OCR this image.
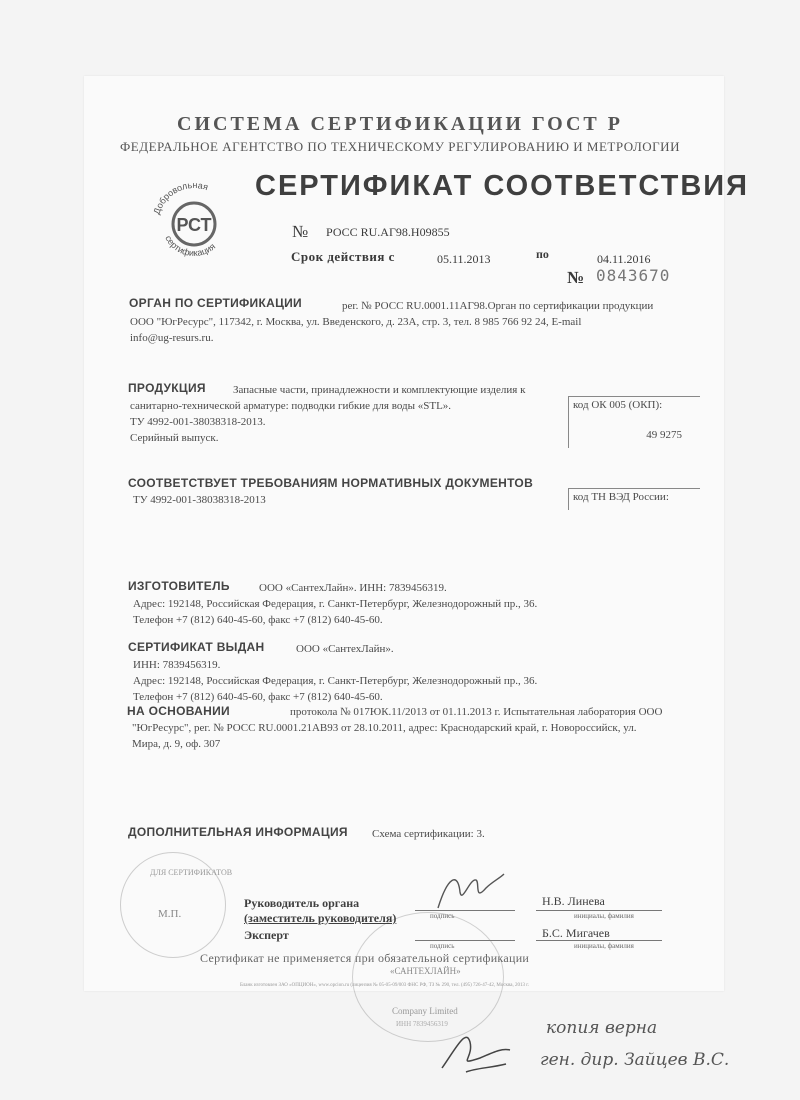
СИСТЕМА СЕРТИФИКАЦИИ ГОСТ Р
ФЕДЕРАЛЬНОЕ АГЕНТСТВО ПО ТЕХНИЧЕСКОМУ РЕГУЛИРОВАНИЮ И МЕТРОЛОГИИ
Добровольная
сертификация
РСТ
СЕРТИФИКАТ СООТВЕТСТВИЯ
№ РОСС RU.АГ98.Н09855
Срок действия с	05.11.2013	по	04.11.2016
№ 0843670
ОРГАН ПО СЕРТИФИКАЦИИ	рег. № РОСС RU.0001.11АГ98.Орган по сертификации продукции
ООО "ЮгРесурс", 117342, г. Москва, ул. Введенского, д. 23А, стр. 3, тел. 8 985 766 92 24, E-mail
info@ug-resurs.ru.
ПРОДУКЦИЯ Запасные части, принадлежности и комплектующие изделия к
санитарно-технической арматуре: подводки гибкие для воды «STL».
ТУ 4992-001-38038318-2013.
Серийный выпуск.
код ОК 005 (ОКП):
49 9275
СООТВЕТСТВУЕТ ТРЕБОВАНИЯМ НОРМАТИВНЫХ ДОКУМЕНТОВ
ТУ 4992-001-38038318-2013	код ТН ВЭД России:
ИЗГОТОВИТЕЛЬ	ООО «СантехЛайн». ИНН: 7839456319.
Адрес: 192148, Российская Федерация, г. Санкт-Петербург, Железнодорожный пр., 36.
Телефон +7 (812) 640-45-60, факс +7 (812) 640-45-60.
СЕРТИФИКАТ ВЫДАН	ООО «СантехЛайн».
ИНН: 7839456319.
Адрес: 192148, Российская Федерация, г. Санкт-Петербург, Железнодорожный пр., 36.
Телефон +7 (812) 640-45-60, факс +7 (812) 640-45-60.
НА ОСНОВАНИИ	протокола № 017ЮК.11/2013 от 01.11.2013 г. Испытательная лаборатория ООО
"ЮгРесурс", рег. № РОСС RU.0001.21АВ93 от 28.10.2011, адрес: Краснодарский край, г. Новороссийск, ул.
Мира, д. 9, оф. 307
ДОПОЛНИТЕЛЬНАЯ ИНФОРМАЦИЯ Схема сертификации: 3.
ДЛЯ СЕРТИФИКАТОВ
М.П.
«САНТЕХЛАЙН»
Company Limited
ИНН 7839456319
Руководитель органа
(заместитель руководителя)	подпись
Н.В. Линева
инициалы, фамилия
Эксперт
подпись
Б.С. Мигачев
инициалы, фамилия
Сертификат не применяется при обязательной сертификации
Бланк изготовлен ЗАО «ОПЦИОН», www.opcion.ru (лицензия № 05-05-09/003 ФНС РФ, ТЗ № 290, тел. (495) 726-47-42, Москва, 2013 г.
копия верна
ген. дир. Зайцев В.С.
